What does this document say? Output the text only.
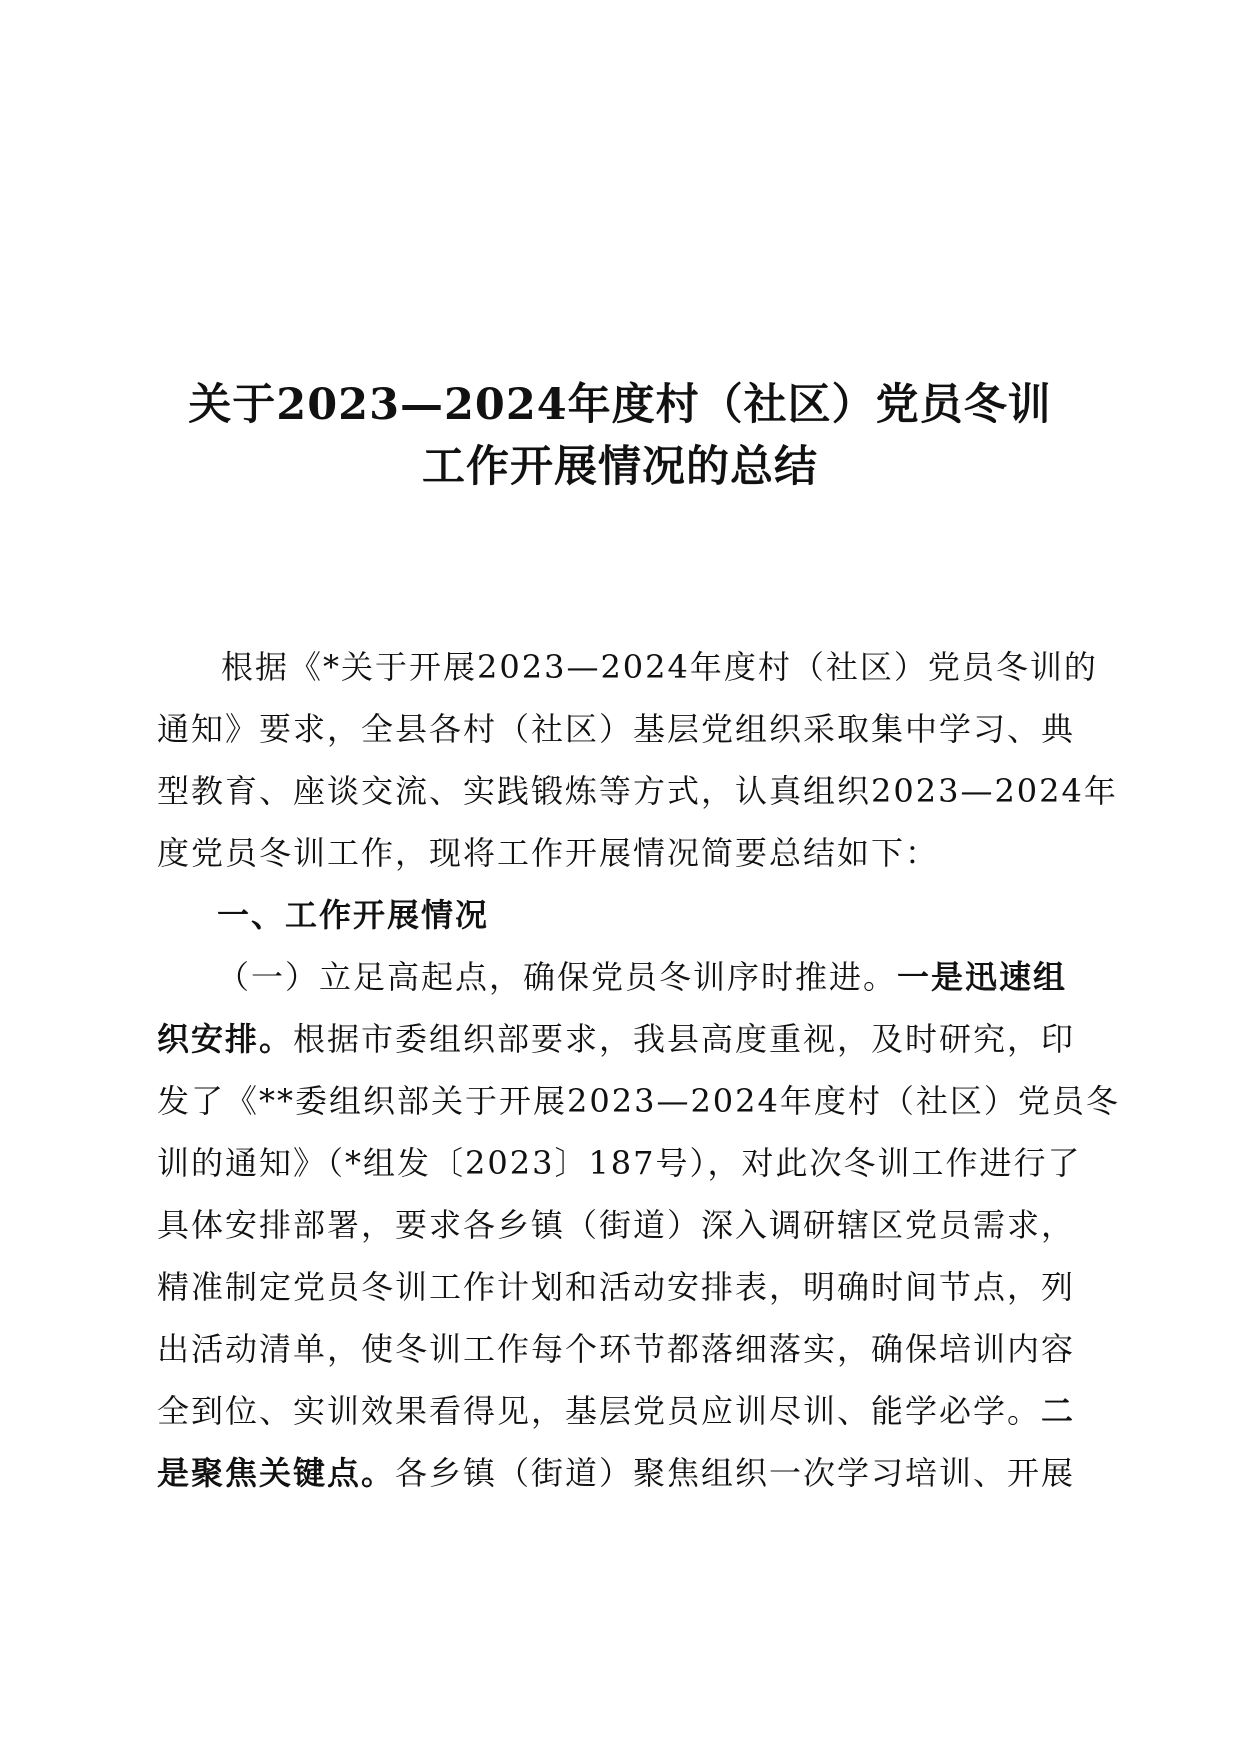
关于2023—2024年度村（社区）党员冬训
工作开展情况的总结
根据《*关于开展2023—2024年度村（社区）党员冬训的
通知》要求，全县各村（社区）基层党组织采取集中学习、典
型教育、座谈交流、实践锻炼等方式，认真组织2023—2024年
度党员冬训工作，现将工作开展情况简要总结如下：
一、工作开展情况
（一）立足高起点，确保党员冬训序时推进。一是迅速组
织安排。根据市委组织部要求，我县高度重视，及时研究，印
发了《**委组织部关于开展2023—2024年度村（社区）党员冬
训的通知》（*组发〔2023〕187号），对此次冬训工作进行了
具体安排部署，要求各乡镇（街道）深入调研辖区党员需求，
精准制定党员冬训工作计划和活动安排表，明确时间节点，列
出活动清单，使冬训工作每个环节都落细落实，确保培训内容
全到位、实训效果看得见，基层党员应训尽训、能学必学。二
是聚焦关键点。各乡镇（街道）聚焦组织一次学习培训、开展
